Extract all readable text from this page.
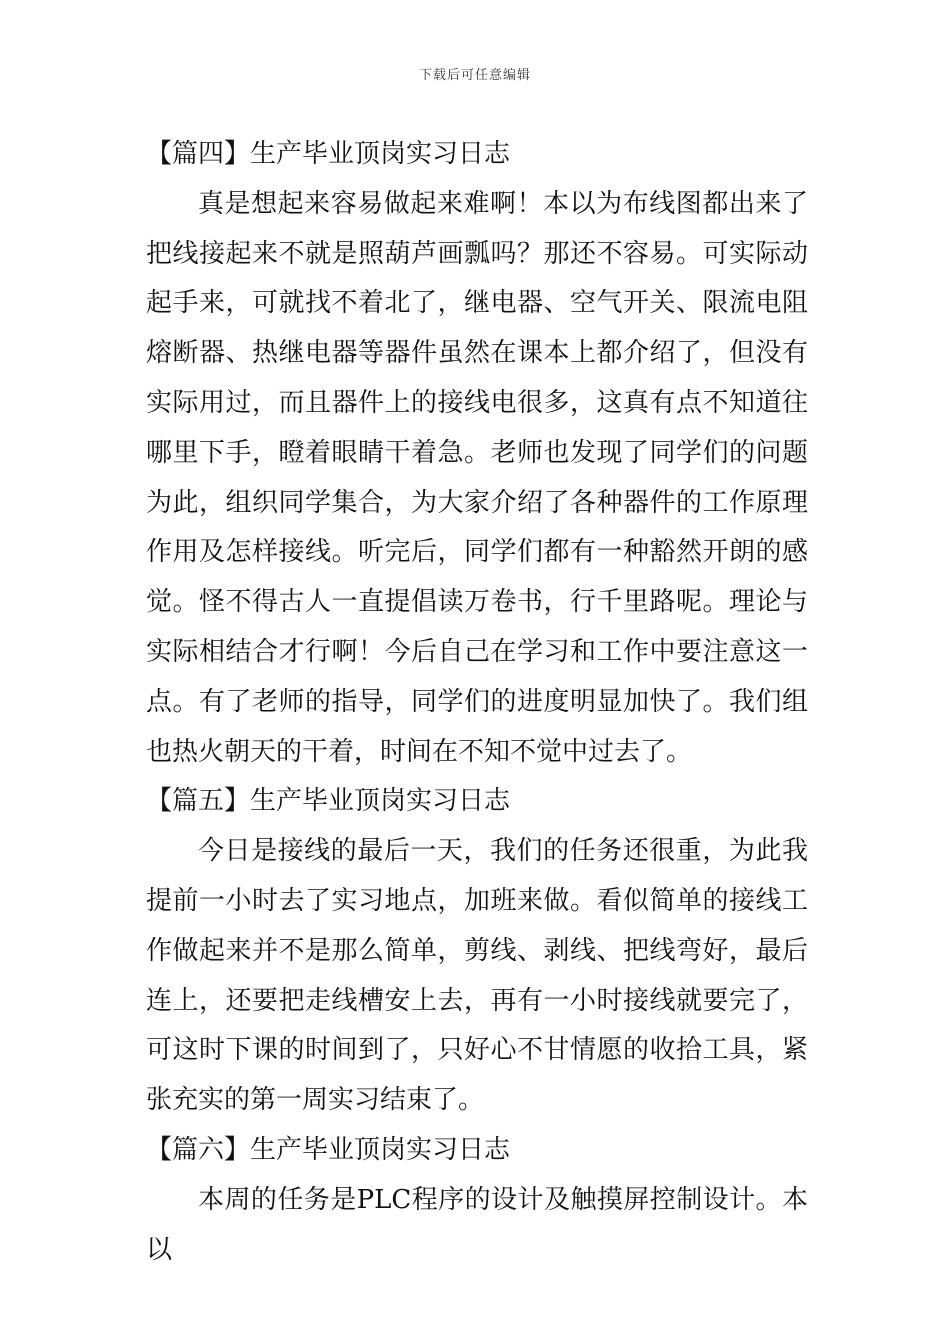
下载后可任意编辑

【篇四】生产毕业顶岗实习日志

真是想起来容易做起来难啊！本以为布线图都出来了把线接起来不就是照葫芦画瓢吗？那还不容易。可实际动起手来，可就找不着北了，继电器、空气开关、限流电阻熔断器、热继电器等器件虽然在课本上都介绍了，但没有实际用过，而且器件上的接线电很多，这真有点不知道往哪里下手，瞪着眼睛干着急。老师也发现了同学们的问题为此，组织同学集合，为大家介绍了各种器件的工作原理作用及怎样接线。听完后，同学们都有一种豁然开朗的感觉。怪不得古人一直提倡读万卷书，行千里路呢。理论与实际相结合才行啊！今后自己在学习和工作中要注意这一点。有了老师的指导，同学们的进度明显加快了。我们组也热火朝天的干着，时间在不知不觉中过去了。

【篇五】生产毕业顶岗实习日志

今日是接线的最后一天，我们的任务还很重，为此我提前一小时去了实习地点，加班来做。看似简单的接线工作做起来并不是那么简单，剪线、剥线、把线弯好，最后连上，还要把走线槽安上去，再有一小时接线就要完了，可这时下课的时间到了，只好心不甘情愿的收拾工具，紧张充实的第一周实习结束了。

【篇六】生产毕业顶岗实习日志

本周的任务是PLC程序的设计及触摸屏控制设计。本以
